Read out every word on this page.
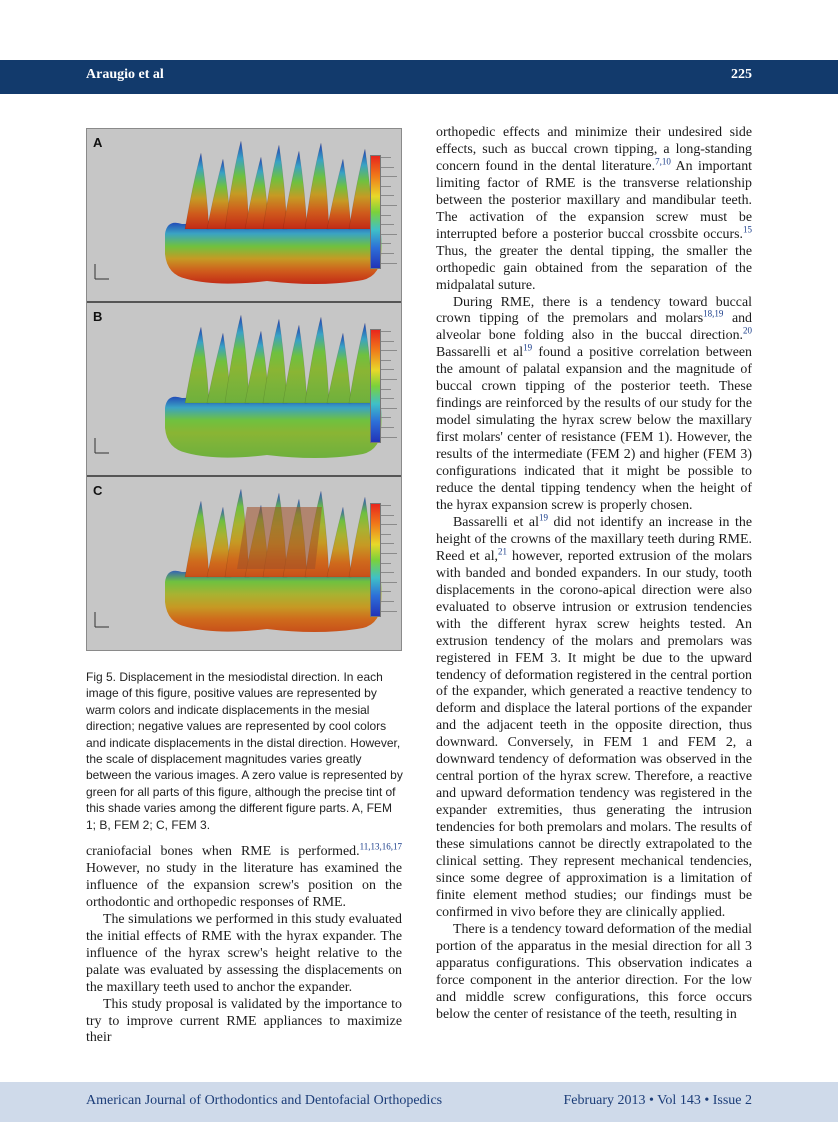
Araugio et al	225
A
B
C
Fig 5. Displacement in the mesiodistal direction. In each image of this figure, positive values are represented by warm colors and indicate displacements in the mesial direction; negative values are represented by cool colors and indicate displacements in the distal direction. However, the scale of displacement magnitudes varies greatly between the various images. A zero value is represented by green for all parts of this figure, although the precise tint of this shade varies among the different figure parts. A, FEM 1; B, FEM 2; C, FEM 3.

craniofacial bones when RME is performed.$^{11,13,16,17}$ However, no study in the literature has examined the influence of the expansion screw's position on the orthodontic and orthopedic responses of RME.

The simulations we performed in this study evaluated the initial effects of RME with the hyrax expander. The influence of the hyrax screw's height relative to the palate was evaluated by assessing the displacements on the maxillary teeth used to anchor the expander.

This study proposal is validated by the importance to try to improve current RME appliances to maximize their

orthopedic effects and minimize their undesired side effects, such as buccal crown tipping, a long-standing concern found in the dental literature.$^{7,10}$ An important limiting factor of RME is the transverse relationship between the posterior maxillary and mandibular teeth. The activation of the expansion screw must be interrupted before a posterior buccal crossbite occurs.$^{15}$ Thus, the greater the dental tipping, the smaller the orthopedic gain obtained from the separation of the midpalatal suture.

During RME, there is a tendency toward buccal crown tipping of the premolars and molars$^{18,19}$ and alveolar bone folding also in the buccal direction.$^{20}$ Bassarelli et $al^{19}$ found a positive correlation between the amount of palatal expansion and the magnitude of buccal crown tipping of the posterior teeth. These findings are reinforced by the results of our study for the model simulating the hyrax screw below the maxillary first molars' center of resistance (FEM 1). However, the results of the intermediate (FEM 2) and higher (FEM 3) configurations indicated that it might be possible to reduce the dental tipping tendency when the height of the hyrax expansion screw is properly chosen.

Bassarelli et $al^{19}$ did not identify an increase in the height of the crowns of the maxillary teeth during RME. Reed et al,$^{21}$ however, reported extrusion of the molars with banded and bonded expanders. In our study, tooth displacements in the corono-apical direction were also evaluated to observe intrusion or extrusion tendencies with the different hyrax screw heights tested. An extrusion tendency of the molars and premolars was registered in FEM 3. It might be due to the upward tendency of deformation registered in the central portion of the expander, which generated a reactive tendency to deform and displace the lateral portions of the expander and the adjacent teeth in the opposite direction, thus downward. Conversely, in FEM 1 and FEM 2, a downward tendency of deformation was observed in the central portion of the hyrax screw. Therefore, a reactive and upward deformation tendency was registered in the expander extremities, thus generating the intrusion tendencies for both premolars and molars. The results of these simulations cannot be directly extrapolated to the clinical setting. They represent mechanical tendencies, since some degree of approximation is a limitation of finite element method studies; our findings must be confirmed in vivo before they are clinically applied.

There is a tendency toward deformation of the medial portion of the apparatus in the mesial direction for all 3 apparatus configurations. This observation indicates a force component in the anterior direction. For the low and middle screw configurations, this force occurs below the center of resistance of the teeth, resulting in

American Journal of Orthodontics and Dentofacial Orthopedics	February 2013 • Vol 143 • Issue 2
